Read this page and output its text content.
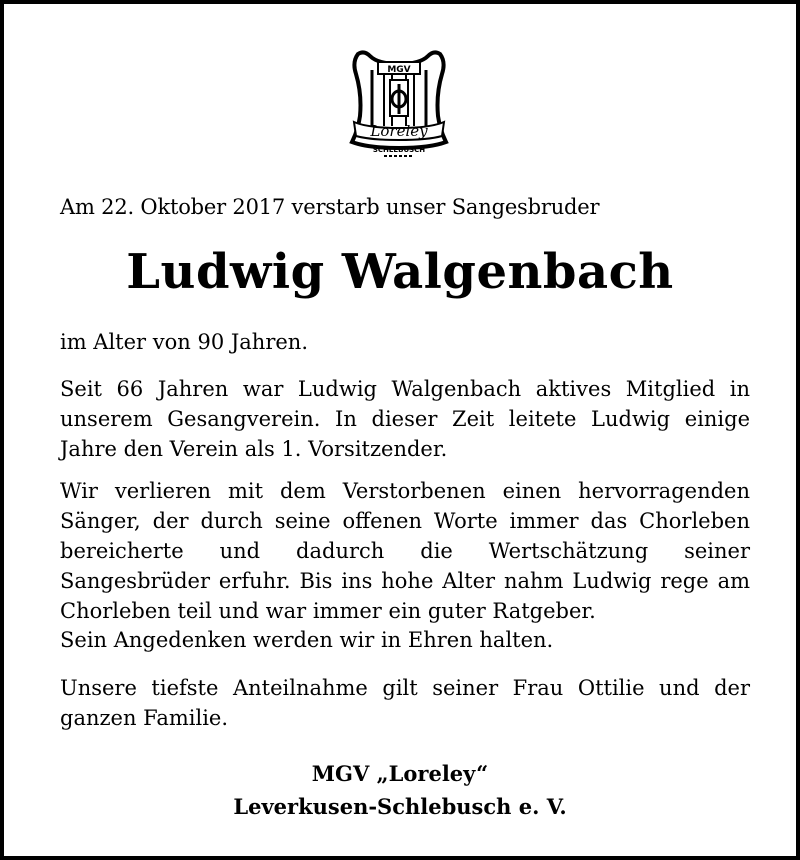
MGV
Loreley
SCHLEBUSCH
Am 22. Oktober 2017 verstarb unser Sangesbruder
Ludwig Walgenbach
im Alter von 90 Jahren.
Seit 66 Jahren war Ludwig Walgenbach aktives Mitglied in unserem Gesangverein. In dieser Zeit leitete Ludwig einige Jahre den Verein als 1. Vorsitzender.
Wir verlieren mit dem Verstorbenen einen hervorragenden Sänger, der durch seine offenen Worte immer das Chorleben bereicherte und dadurch die Wertschätzung seiner Sangesbrüder erfuhr. Bis ins hohe Alter nahm Ludwig rege am Chorleben teil und war immer ein guter Ratgeber.
Sein Angedenken werden wir in Ehren halten.
Unsere tiefste Anteilnahme gilt seiner Frau Ottilie und der ganzen Familie.
MGV „Loreley“
Leverkusen-Schlebusch e. V.
